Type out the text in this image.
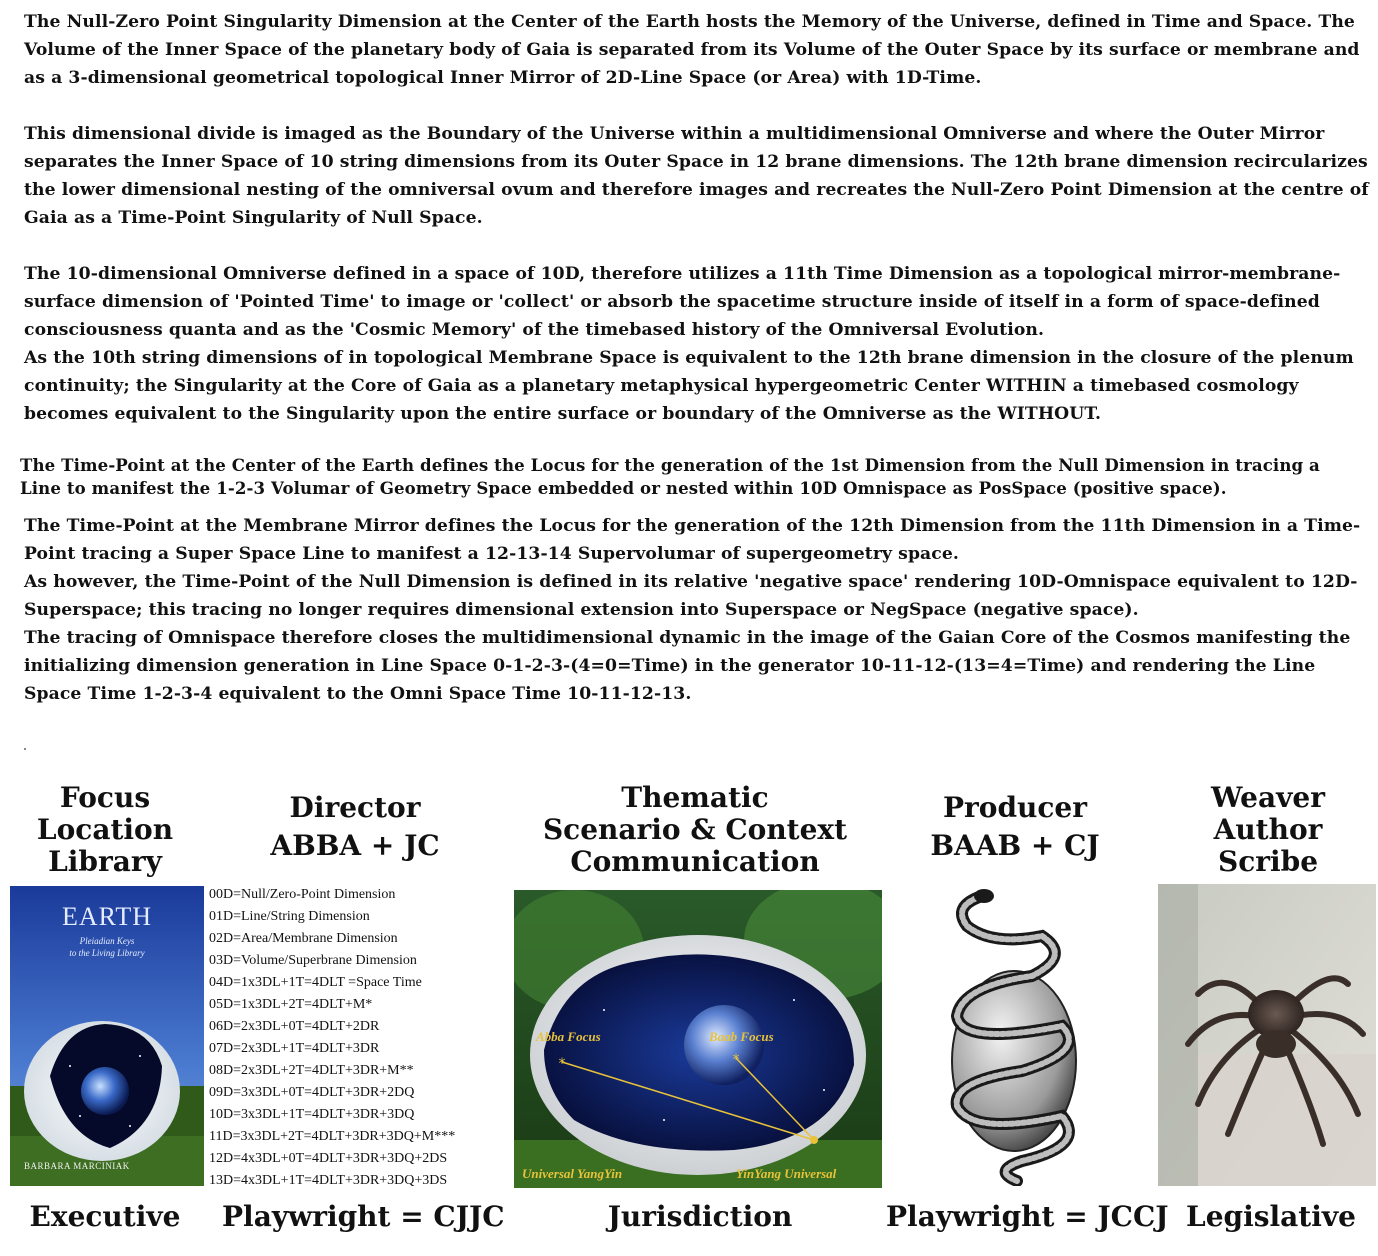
The Null-Zero Point Singularity Dimension at the Center of the Earth hosts the Memory of the Universe, defined in Time and Space. The Volume of the Inner Space of the planetary body of Gaia is separated from its Volume of the Outer Space by its surface or membrane and as a 3-dimensional geometrical topological Inner Mirror of 2D-Line Space (or Area) with 1D-Time.

This dimensional divide is imaged as the Boundary of the Universe within a multidimensional Omniverse and where the Outer Mirror separates the Inner Space of 10 string dimensions from its Outer Space in 12 brane dimensions. The 12th brane dimension recircularizes the lower dimensional nesting of the omniversal ovum and therefore images and recreates the Null-Zero Point Dimension at the centre of Gaia as a Time-Point Singularity of Null Space.

The 10-dimensional Omniverse defined in a space of 10D, therefore utilizes a 11th Time Dimension as a topological mirror-membrane-surface dimension of 'Pointed Time' to image or 'collect' or absorb the spacetime structure inside of itself in a form of space-defined consciousness quanta and as the 'Cosmic Memory' of the timebased history of the Omniversal Evolution.

As the 10th string dimensions of in topological Membrane Space is equivalent to the 12th brane dimension in the closure of the plenum continuity; the Singularity at the Core of Gaia as a planetary metaphysical hypergeometric Center WITHIN a timebased cosmology becomes equivalent to the Singularity upon the entire surface or boundary of the Omniverse as the WITHOUT.

The Time-Point at the Center of the Earth defines the Locus for the generation of the 1st Dimension from the Null Dimension in tracing a Line to manifest the 1-2-3 Volumar of Geometry Space embedded or nested within 10D Omnispace as PosSpace (positive space).

The Time-Point at the Membrane Mirror defines the Locus for the generation of the 12th Dimension from the 11th Dimension in a Time-Point tracing a Super Space Line to manifest a 12-13-14 Supervolumar of supergeometry space.

As however, the Time-Point of the Null Dimension is defined in its relative 'negative space' rendering 10D-Omnispace equivalent to 12D-Superspace; this tracing no longer requires dimensional extension into Superspace or NegSpace (negative space).

The tracing of Omnispace therefore closes the multidimensional dynamic in the image of the Gaian Core of the Cosmos manifesting the initializing dimension generation in Line Space 0-1-2-3-(4=0=Time) in the generator 10-11-12-(13=4=Time) and rendering the Line Space Time 1-2-3-4 equivalent to the Omni Space Time 10-11-12-13.

Focus
Location
Library
Director
ABBA + JC
Thematic
Scenario & Context
Communication
Producer
BAAB + CJ
Weaver
Author
Scribe
EARTH
Pleiadian Keys
to the Living Library
BARBARA MARCINIAK
00D=Null/Zero-Point Dimension
01D=Line/String Dimension
02D=Area/Membrane Dimension
03D=Volume/Superbrane Dimension
04D=1x3DL+1T=4DLT =Space Time
05D=1x3DL+2T=4DLT+M*
06D=2x3DL+0T=4DLT+2DR
07D=2x3DL+1T=4DLT+3DR
08D=2x3DL+2T=4DLT+3DR+M**
09D=3x3DL+0T=4DLT+3DR+2DQ
10D=3x3DL+1T=4DLT+3DR+3DQ
11D=3x3DL+2T=4DLT+3DR+3DQ+M***
12D=4x3DL+0T=4DLT+3DR+3DQ+2DS
13D=4x3DL+1T=4DLT+3DR+3DQ+3DS
*	*
Abba Focus	Baab Focus
Universal YangYin	YinYang Universal
Executive	Playwright = CJJC	Jurisdiction	Playwright = JCCJ Legislative
